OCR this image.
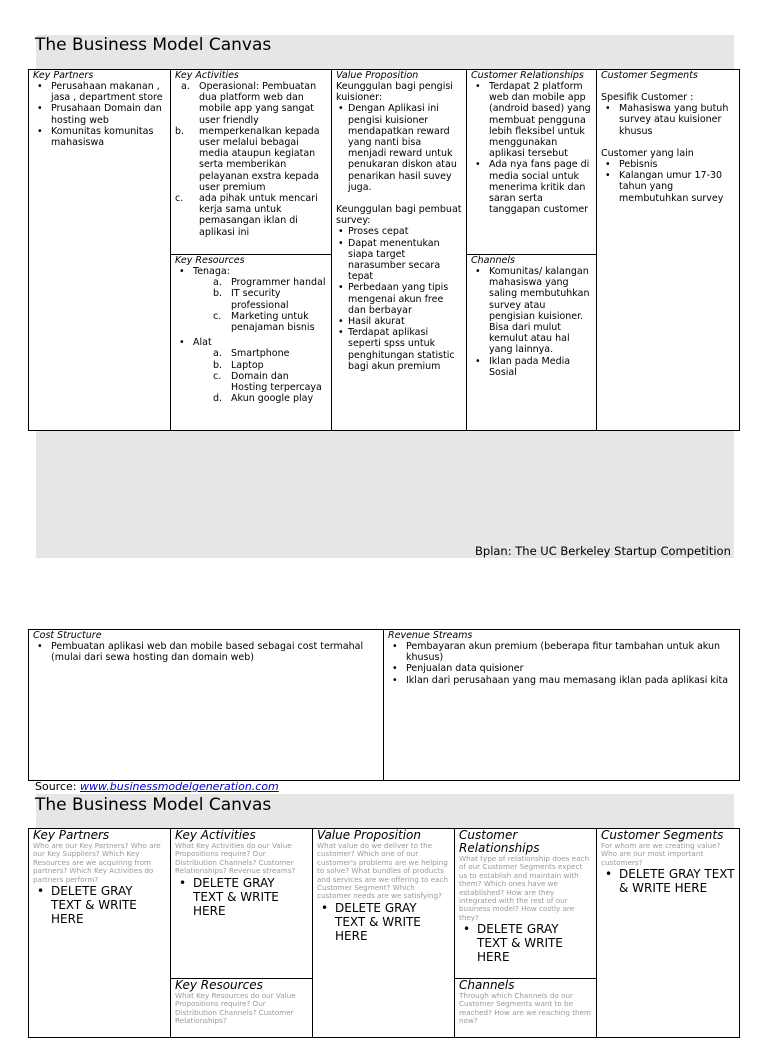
The Business Model Canvas
Key Partners
• Perusahaan makanan , jasa , department store
• Prusahaan Domain dan hosting web
• Komunitas komunitas mahasiswa
Key Activities
a. Operasional: Pembuatan dua platform web dan mobile app yang sangat user friendly
b. memperkenalkan kepada user melalui bebagai media ataupun kegiatan serta memberikan pelayanan exstra kepada user premium
c. ada pihak untuk mencari kerja sama untuk pemasangan iklan di aplikasi ini
Key Resources
• Tenaga:
a. Programmer handal
b. IT security professional
c. Marketing untuk penajaman bisnis
• Alat
a. Smartphone
b. Laptop
c. Domain dan Hosting terpercaya
d. Akun google play
Value Proposition
Keunggulan bagi pengisi kuisioner:
• Dengan Aplikasi ini pengisi kuisioner mendapatkan reward yang nanti bisa menjadi reward untuk penukaran diskon atau penarikan hasil suvey juga.
Keunggulan bagi pembuat survey:
• Proses cepat
• Dapat menentukan siapa target narasumber secara tepat
• Perbedaan yang tipis mengenai akun free dan berbayar
• Hasil akurat
• Terdapat aplikasi seperti spss untuk penghitungan statistic bagi akun premium
Customer Relationships
• Terdapat 2 platform web dan mobile app (android based) yang membuat pengguna lebih fleksibel untuk menggunakan aplikasi tersebut
• Ada nya fans page di media social untuk menerima kritik dan saran serta tanggapan customer
Channels
• Komunitas/ kalangan mahasiswa yang saling membutuhkan survey atau pengisian kuisioner. Bisa dari mulut kemulut atau hal yang lainnya.
• Iklan pada Media Sosial
Customer Segments
Spesifik Customer :
• Mahasiswa yang butuh survey atau kuisioner khusus
Customer yang lain
• Pebisnis
• Kalangan umur 17-30 tahun yang membutuhkan survey
Bplan: The UC Berkeley Startup Competition
Cost Structure
• Pembuatan aplikasi web dan mobile based sebagai cost termahal (mulai dari sewa hosting dan domain web)
Revenue Streams
• Pembayaran akun premium (beberapa fitur tambahan untuk akun khusus)
• Penjualan data quisioner
• Iklan dari perusahaan yang mau memasang iklan pada aplikasi kita
Source: www.businessmodelgeneration.com
The Business Model Canvas
Key Partners
Who are our Key Partners? Who are our Key Suppliers? Which Key Resources are we acquiring from partners? Which Key Activities do partners perform?
• DELETE GRAY TEXT & WRITE HERE
Key Activities
What Key Activities do our Value Propositions require? Our Distribution Channels? Customer Relationships? Revenue streams?
• DELETE GRAY TEXT & WRITE HERE
Key Resources
What Key Resources do our Value Propositions require? Our Distribution Channels? Customer Relationships?
Value Proposition
What value do we deliver to the customer? Which one of our customer's problems are we helping to solve? What bundles of products and services are we offering to each Customer Segment? Which customer needs are we satisfying?
• DELETE GRAY TEXT & WRITE HERE
Customer Relationships
What type of relationship does each of our Customer Segments expect us to establish and maintain with them? Which ones have we established? How are they integrated with the rest of our business model? How costly are they?
• DELETE GRAY TEXT & WRITE HERE
Channels
Through which Channels do our Customer Segments want to be reached? How are we reaching them now?
Customer Segments
For whom are we creating value? Who are our most important customers?
• DELETE GRAY TEXT & WRITE HERE
